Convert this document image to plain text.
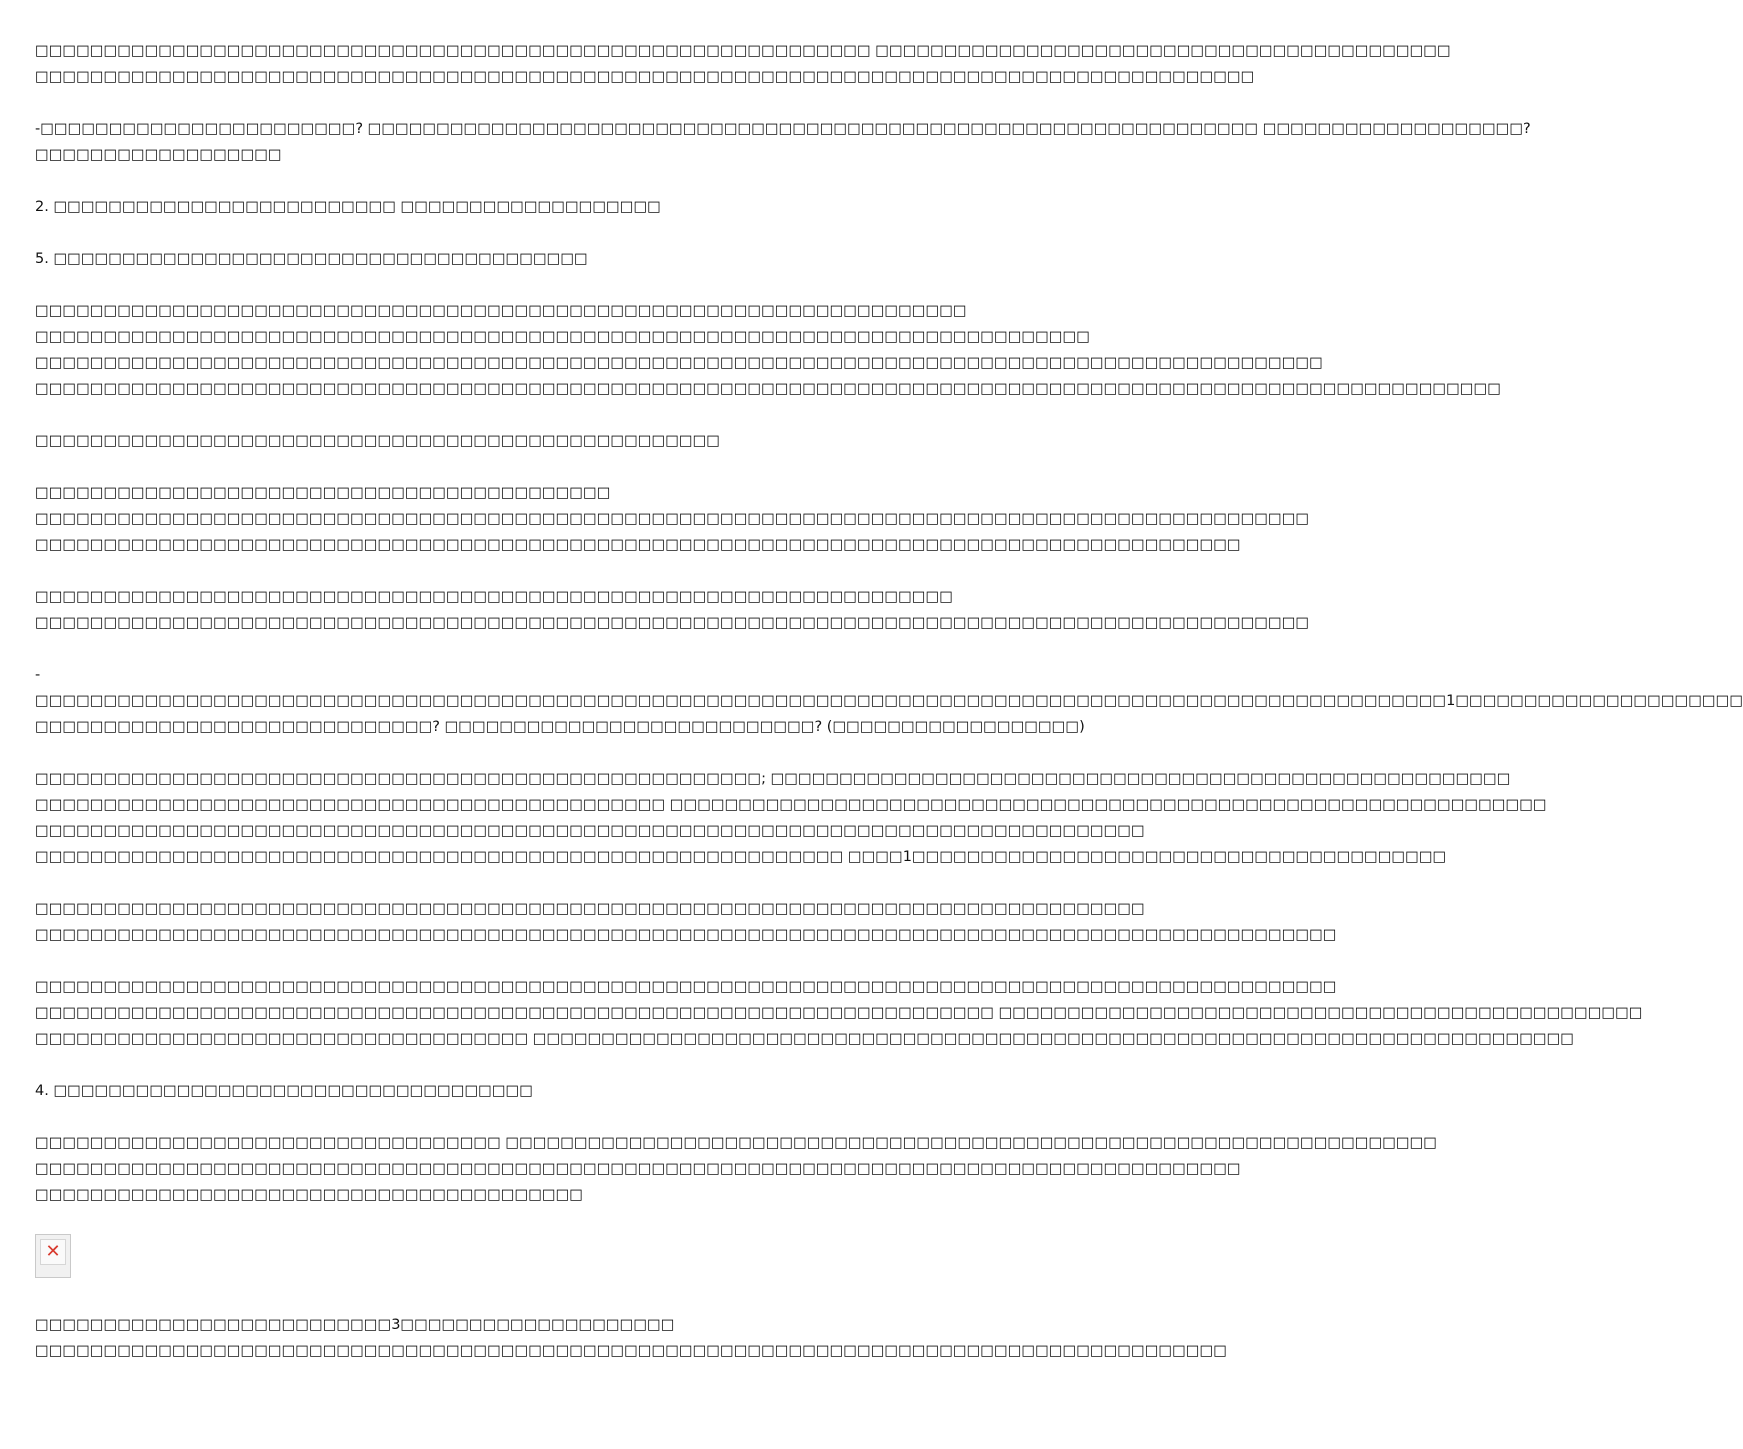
□□□□□□□□□□□□□□□□□□□□□□□□□□□□□□□□□□□□□□□□□□□□□□□□□□□□□□□□□□□□□ □□□□□□□□□□□□□□□□□□□□□□□□□□□□□□□□□□□□□□□□□□
□□□□□□□□□□□□□□□□□□□□□□□□□□□□□□□□□□□□□□□□□□□□□□□□□□□□□□□□□□□□□□□□□□□□□□□□□□□□□□□□□□□□□□□□□

-□□□□□□□□□□□□□□□□□□□□□□□? □□□□□□□□□□□□□□□□□□□□□□□□□□□□□□□□□□□□□□□□□□□□□□□□□□□□□□□□□□□□□□□□□ □□□□□□□□□□□□□□□□□□□?
□□□□□□□□□□□□□□□□□□

2. □□□□□□□□□□□□□□□□□□□□□□□□□ □□□□□□□□□□□□□□□□□□□

5. □□□□□□□□□□□□□□□□□□□□□□□□□□□□□□□□□□□□□□□

□□□□□□□□□□□□□□□□□□□□□□□□□□□□□□□□□□□□□□□□□□□□□□□□□□□□□□□□□□□□□□□□□□□□
□□□□□□□□□□□□□□□□□□□□□□□□□□□□□□□□□□□□□□□□□□□□□□□□□□□□□□□□□□□□□□□□□□□□□□□□□□□□□
□□□□□□□□□□□□□□□□□□□□□□□□□□□□□□□□□□□□□□□□□□□□□□□□□□□□□□□□□□□□□□□□□□□□□□□□□□□□□□□□□□□□□□□□□□□□□□
□□□□□□□□□□□□□□□□□□□□□□□□□□□□□□□□□□□□□□□□□□□□□□□□□□□□□□□□□□□□□□□□□□□□□□□□□□□□□□□□□□□□□□□□□□□□□□□□□□□□□□□□□□□

□□□□□□□□□□□□□□□□□□□□□□□□□□□□□□□□□□□□□□□□□□□□□□□□□□

□□□□□□□□□□□□□□□□□□□□□□□□□□□□□□□□□□□□□□□□□□
□□□□□□□□□□□□□□□□□□□□□□□□□□□□□□□□□□□□□□□□□□□□□□□□□□□□□□□□□□□□□□□□□□□□□□□□□□□□□□□□□□□□□□□□□□□□□
□□□□□□□□□□□□□□□□□□□□□□□□□□□□□□□□□□□□□□□□□□□□□□□□□□□□□□□□□□□□□□□□□□□□□□□□□□□□□□□□□□□□□□□□

□□□□□□□□□□□□□□□□□□□□□□□□□□□□□□□□□□□□□□□□□□□□□□□□□□□□□□□□□□□□□□□□□□□
□□□□□□□□□□□□□□□□□□□□□□□□□□□□□□□□□□□□□□□□□□□□□□□□□□□□□□□□□□□□□□□□□□□□□□□□□□□□□□□□□□□□□□□□□□□□□

-
□□□□□□□□□□□□□□□□□□□□□□□□□□□□□□□□□□□□□□□□□□□□□□□□□□□□□□□□□□□□□□□□□□□□□□□□□□□□□□□□□□□□□□□□□□□□□□□□□□□□□□□1□□□□□□□□□□□□□□□□□□□□□
□□□□□□□□□□□□□□□□□□□□□□□□□□□□□? □□□□□□□□□□□□□□□□□□□□□□□□□□□? (□□□□□□□□□□□□□□□□□□)

□□□□□□□□□□□□□□□□□□□□□□□□□□□□□□□□□□□□□□□□□□□□□□□□□□□□□; □□□□□□□□□□□□□□□□□□□□□□□□□□□□□□□□□□□□□□□□□□□□□□□□□□□□□□
□□□□□□□□□□□□□□□□□□□□□□□□□□□□□□□□□□□□□□□□□□□□□□ □□□□□□□□□□□□□□□□□□□□□□□□□□□□□□□□□□□□□□□□□□□□□□□□□□□□□□□□□□□□□□□□
□□□□□□□□□□□□□□□□□□□□□□□□□□□□□□□□□□□□□□□□□□□□□□□□□□□□□□□□□□□□□□□□□□□□□□□□□□□□□□□□□
□□□□□□□□□□□□□□□□□□□□□□□□□□□□□□□□□□□□□□□□□□□□□□□□□□□□□□□□□□□ □□□□1□□□□□□□□□□□□□□□□□□□□□□□□□□□□□□□□□□□□□□□

□□□□□□□□□□□□□□□□□□□□□□□□□□□□□□□□□□□□□□□□□□□□□□□□□□□□□□□□□□□□□□□□□□□□□□□□□□□□□□□□□
□□□□□□□□□□□□□□□□□□□□□□□□□□□□□□□□□□□□□□□□□□□□□□□□□□□□□□□□□□□□□□□□□□□□□□□□□□□□□□□□□□□□□□□□□□□□□□□

□□□□□□□□□□□□□□□□□□□□□□□□□□□□□□□□□□□□□□□□□□□□□□□□□□□□□□□□□□□□□□□□□□□□□□□□□□□□□□□□□□□□□□□□□□□□□□□
□□□□□□□□□□□□□□□□□□□□□□□□□□□□□□□□□□□□□□□□□□□□□□□□□□□□□□□□□□□□□□□□□□□□□□ □□□□□□□□□□□□□□□□□□□□□□□□□□□□□□□□□□□□□□□□□□□□□□□
□□□□□□□□□□□□□□□□□□□□□□□□□□□□□□□□□□□□ □□□□□□□□□□□□□□□□□□□□□□□□□□□□□□□□□□□□□□□□□□□□□□□□□□□□□□□□□□□□□□□□□□□□□□□□□□□□

4. □□□□□□□□□□□□□□□□□□□□□□□□□□□□□□□□□□□

□□□□□□□□□□□□□□□□□□□□□□□□□□□□□□□□□□ □□□□□□□□□□□□□□□□□□□□□□□□□□□□□□□□□□□□□□□□□□□□□□□□□□□□□□□□□□□□□□□□□□□□
□□□□□□□□□□□□□□□□□□□□□□□□□□□□□□□□□□□□□□□□□□□□□□□□□□□□□□□□□□□□□□□□□□□□□□□□□□□□□□□□□□□□□□□□
□□□□□□□□□□□□□□□□□□□□□□□□□□□□□□□□□□□□□□□□

✕

□□□□□□□□□□□□□□□□□□□□□□□□□□3□□□□□□□□□□□□□□□□□□□□
□□□□□□□□□□□□□□□□□□□□□□□□□□□□□□□□□□□□□□□□□□□□□□□□□□□□□□□□□□□□□□□□□□□□□□□□□□□□□□□□□□□□□□□
